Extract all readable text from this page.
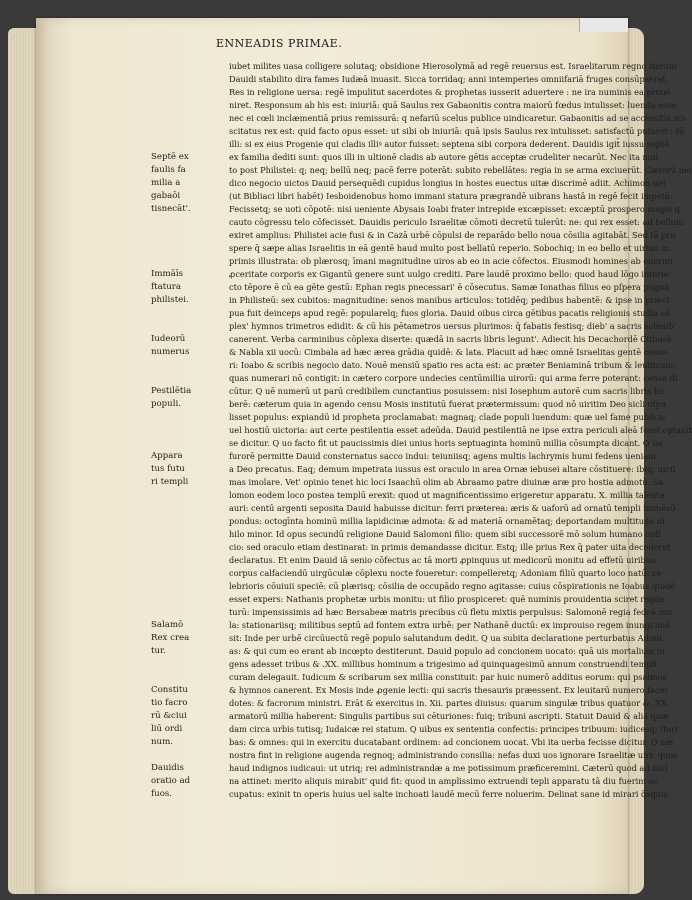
ENNEADIS PRIMAE.
iubet milites uasa colligere solutaq; obsidione Hierosolymā ad regē reuersus est. Israelitarum regno iterum
Dauidi stabilito dira fames Iudæā inuasit. Sicca torridaq; anni intemperies omniifariā fruges consūpserat.
Res in religione uersa: regē impulitut sacerdotes & prophetas iusserit aduertere : ne ira numinis ea prouē
niret. Responsum ab his est: iniuriā: quā Saulus rex Gabaonitis contra maiorū fœdus intulisset: luenda esse
nec ei cœli inclæmentiā prius remissurā: q nefariū scelus publice uindicaretur. Gabaonitis ad se accersitis sci-
scitatus rex est: quid facto opus esset: ut sibi ob iniuriā: quā ipsis Saulus rex intulisset: satisfactū putarēt : tū
illi: si ex eius Progenie qui cladis illiꝰ autor fuisset: septena sibi corpora dederent. Dauidis igit̄ iussu septē
ex familia dediti sunt: quos illi in ultionē cladis ab autore gētis acceptæ crudeliter necarūt. Nec ita mul
to post Philistei: q; neq; bellū neq; pacē ferre poterāt: subito rebellātes: regia in se arma exciuerūt. Cæterū mo
dico negocio uictos Dauid persequēdi cupidus longius in hostes euectus uitæ discrimē adiit. Achimon uel
(ut Bibliaci libri habēt) Iesboidenobus homo immani statura prægrandē uibrans hastā in regē fecit impetū:
Fecissetq; se uoti cōpotē: nisi ueniente Abysais Ioabi frater intrepide excæpisset: excæptū prospero magis q
cauto cōgressu telo cōfecisset. Dauidis periculo Israelitæ cōmoti decretū tulerūt: ne: qui rex esset: ad bellum
exiret amplius: Philistei acie fusi & in Cazā urbē cōpulsi de reparādo bello noua cōsilia agitabāt. Sed tā pro
spere q̄ sæpe alias Israelitis in eā gentē haud multo post bellatū reperio. Sobochiq; in eo bello et uirtus in
primis illustrata: ob plærosq; īmani magnitudine uiros ab eo in acie cōfectos. Eiusmodi homines ab enormi
ꝓceritate corporis ex Gigantū genere sunt uulgo crediti. Pare laudē proximo bello: quod haud lōgo interie
cto tēpore ē cū ea gēte gestū: Ephan regis pnecessari' ē cōsecutus. Samæ Ionathas filius eo pſpera pugnā
in Philisteū: sex cubitos: magnitudine: senos manibus articulos: totidēq; pedibus habentē: & ipse in præci
pua fuit deinceps apud regē: popularelq; fuos gloria. Dauid oibus circa gētibus pacatis religionis studia cō
plex' hymnos trimetros edidit: & cū his pētametros uersus plurimos: q̄ fabatis festisq; dieb' a sacris solēnib'
canerent. Verba carminibus cōplexa diserte: quædā in sacris libris legunt'. Adiecit his Decachordē Citharā
& Nabla xii uocū: Cimbala ad hæc ærea grādia quidē: & lata. Placuit ad hæc omnē Israelitas gentē cense
ri: Ioabo & scribis negocio dato. Nouē mensiū spatio res acta est: ac præter Beniaminā tribum & leuiticam:
quas numerari nō contigit: in cætero corpore undecies centūmillia uirorū: qui arma ferre poterant: censa di
cūtur. Q uē numerū ut parū credibilem cunctantius posuissem: nisi Iosephum autorē cum sacris libris ha
berē: cæterum quia in agendo censu Mosis institutū fuerat prætermissum: quod nō uiritim Deo sicli ofpu
lisset populus: expiandū id propheta proclamabat: magnaq; clade populi luendum: quæ uel fame publica:
uel hostiū uictoria: aut certe pestilentia esset adeūda. Dauid pestilentiā ne ipse extra periculi aleā foret optauīt
se dicitur. Q uo facto fit ut paucissimis diei unius horis septuaginta hominū millia cōsumpta dicant. Q ua
furorē permitte Dauid consternatus sacco indui: teiuniisq; agens multis lachrymis humi fedens ueniam
a Deo precatus. Eaq; demum impetrata iussus est oraculo in area Ornæ iebusei altare cōstituere: ibiq; uicti
mas imolare. Vet' opinio tenet hic loci Isaachū olim ab Abraamo patre diuinæ aræ pro hostia admotū. Sa
lomon eodem loco postea templū erexit: quod ut magnificentissimo erigeretur apparatu. X. millia talenta
auri: centū argenti seposita Dauid habuisse dicitur: ferri præterea: æris & uaforū ad ornatū templi immēsū
pondus: octogīnta hominū millia lapidicinæ admota: & ad materiā ornamētaq; deportandam multitudo nī
hilo minor. Id opus secundū religione Dauid Salomoni filio: quem sibi successorē mō solum humano iudī
cio: sed oraculo etiam destinarat: in primis demandasse dicitur. Estq; ille prius Rex q̄ pater uita decederet
declaratus. Et enim Dauid iā senio cōfectus ac tā morti ꝓpinquus ut medicorū monitu ad effetū uiribus
corpus calfaciendū uirgūculæ cōplexu nocte foueretur: compelleretq; Adoniam filiū quarto loco natū: ce
lebrioris cōuiuii speciē: cū plærisq; cōsilia de occupādo regno agitasse: cuius cōspirationis ne Ioabus quidē
esset expers: Nathanis prophetæ urbis monitu: ut filio prospiceret: quē numinis prouidentia sciret regna
turū: impensissimis ad hæc Bersabeæ matris precibus cū fletu mixtis perpulsus: Salomonē regia fedeā mu
la: stationariisq; militibus septū ad fontem extra urbē: per Nathanē ductū: ex improuiso regem inungi iusī
sit: Inde per urbē circūuectū regē populo salutandum dedit. Q ua subita declaratione perturbatus Adoni
as: & qui cum eo erant ab incœpto destiterunt. Dauid populo ad concionem uocato: quā uis mortalium in
gens adesset tribus & .XX. millibus hominum a trigesimo ad quinquagesimū annum construendi templi
curam delegauit. Iudicum & scribarum sex millia constituit: par huic numerō additus eorum: qui psalmos
& hymnos canerent. Ex Mosis inde ꝓgenie lecti: qui sacris thesauris præessent. Ex leuitarū numero facer
dotes: & facrorum ministri. Erāt & exercitus in. Xii. partes diuisus: quarum singulæ tribus quatuor & .XX.
armatorū millia haberent: Singulis partibus sui cēturiones: fuiq; tribuni ascripti. Statuit Dauid & alia quæ
dam circa urbis tutisq; Iudaicæ rei statum. Q uibus ex sententia confectis: principes tribuum: iudicesq; ſteri
bas: & omnes: qui in exercitu ducatabant ordinem: ad concionem uocat. Vbi ita uerba fecisse dicitur. Q uæ
nostra fint in religione augenda regnoq; administrando consilia: nefas duxi uos ignorare Israelitæ uiri: quos
haud indignos iudicaui: ut utriq; rei administrandæ a me potissimum præficeremini. Cæterū quod ad diui
na attinet: merito aliquis mirabit' quid fit: quod in amplissimo extruendi tepli apparatu tā diu fuerim oc
cupatus: exinit tn operis huius uel salte inchoati laudē mecū ferre noluerim. Delinat sane id mirari q̄squis
Septē ex
faulis fa
milia a
gabaōi
tisnecāt'.
Immāīs
ftatura
philistei.
Iudeorū
numerus
Pestilētia
populi.
Appara
tus futu
ri templi
Salamō
Rex crea
tur.
Constitu
tio facro
rū &ciui
liū ordi
num.
Dauidis
oratio ad
fuos.
